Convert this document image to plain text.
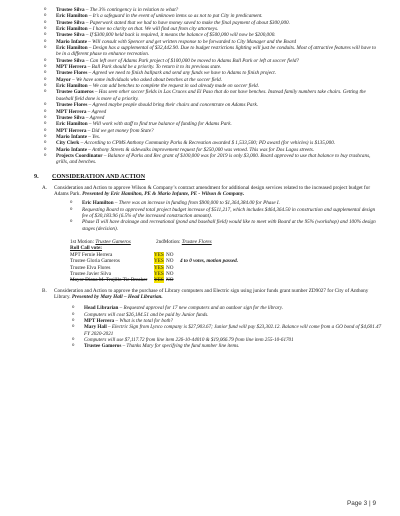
o Trustee Silva – The 3% contingency is in relation to what?
o Eric Hamilton – It’s a safeguard in the event of unknown items so as not to put City in predicament.
o Trustee Silva – Paperwork stated that we had to have money saved to make the final payment of about $300,000.
o Eric Hamilton – I have no clarity on that. We will find out from city attorneys.
o Trustee Silva – If $300,000 held back is required, it means the balance of $500,000 will now be $200,000.
o Mario Infante – Will consult with Spencer and get written response to be forwarded to City Manager and the Board
o Eric Hamilton – Design has a supplemental of $32,442.90. Due to budget restrictions lighting will just be conduits. Most of attractive features will have to be in a different phase to enhance recreation.
o Trustee Silva – Can left over of Adams Park project of $100,000 be moved to Adams Ball Park or left at soccer field?
o MPT Herrera – Ball Park should be a priority. To return it to its previous state.
o Trustee Flores – Agreed we need to finish ballpark and send any funds we have to Adams to finish project.
o Mayor – We have some individuals who asked about benches at the soccer field.
o Eric Hamilton – We can add benches to complete the request in sod already made on soccer field.
o Trustee Gameros – Has seen other soccer fields in Las Cruces and El Paso that do not have benches. Instead family numbers take chairs. Getting the baseball field done is more of a priority.
o Trustee Flores – Agreed maybe people should bring their chairs and concentrate on Adams Park.
o MPT Herrera – Agreed
o Trustee Silva – Agreed
o Eric Hamilton – Will work with staff to find true balance of funding for Adams Park.
o MPT Herrera – Did we get money from State?
o Mario Infante – Yes.
o City Clerk – According to CPMS Anthony Community Parks & Recreation awarded $ 1,533,500; PD award (for vehicles) is $135,000.
o Mario Infante – Anthony Streets & sidewalks improvement request for $250,000 was vetoed. This was for Dos Lagos streets.
o Projects Coordinator – Balance of Parks and Rec grant of $100,000 was for 2019 is only $3,000. Board approved to use that balance to buy trashcans, grills, and benches.
9.	CONSIDERATION AND ACTION
A.	Consideration and Action to approve Wilson & Company’s contract amendment for additional design services related to the increased project budget for Adams Park. Presented by Eric Hamilton, PE & Mario Infante, PE - Wilson & Company.
o Eric Hamilton – There was an increase in funding from $900,000 to $1,364,384.00 for Phase I.
o Requesting Board to approved total project budget increase of $511,217, which includes $464,364.50 in construction and supplemental design fee of $30,183.96 (6.5% of the increased construction amount).
o Phase II will have drainage and recreational (pond and baseball field) would like to meet with Board at the 95% (workshop) and 100% design stages (decision).
1st Motion: Trustee Gameros	2ndMotion: Trustee Flores
Roll Call vote:
MPT Fernie Herrera	YES NO
Trustee Gloria Gameros	YES NO	4 to 0 votes, motion passed.
Trustee Elva Flores	YES NO
Trustee Javier Silva	YES NO
Mayor Diana M. Trujillo Tie Breaker	YES NO
B.	Consideration and Action to approve the purchase of Library computers and Electric sign using junior funds grant number ZD9027 for City of Anthony Library. Presented by Mary Hall – Head Librarian.
o Head Librarian – Requested approval for 17 new computers and an outdoor sign for the library.
o Computers will cost $26,184.51 and be paid by Junior funds.
o MPT Herrera – What is the total for both?
o Mary Hall – Electric Sign from Lynco company is $27,903.67; Junior fund will pay $23,302.12. Balance will come from a GO bond of $4,601.47 FY 2020-2021
o Computers will use $7,117.72 from line item 226-10-44010 & $19,066.79 from line item 255-10-61701
o Trustee Gameros – Thanks Mary for specifying the fund number line items.
Page 3 | 9
